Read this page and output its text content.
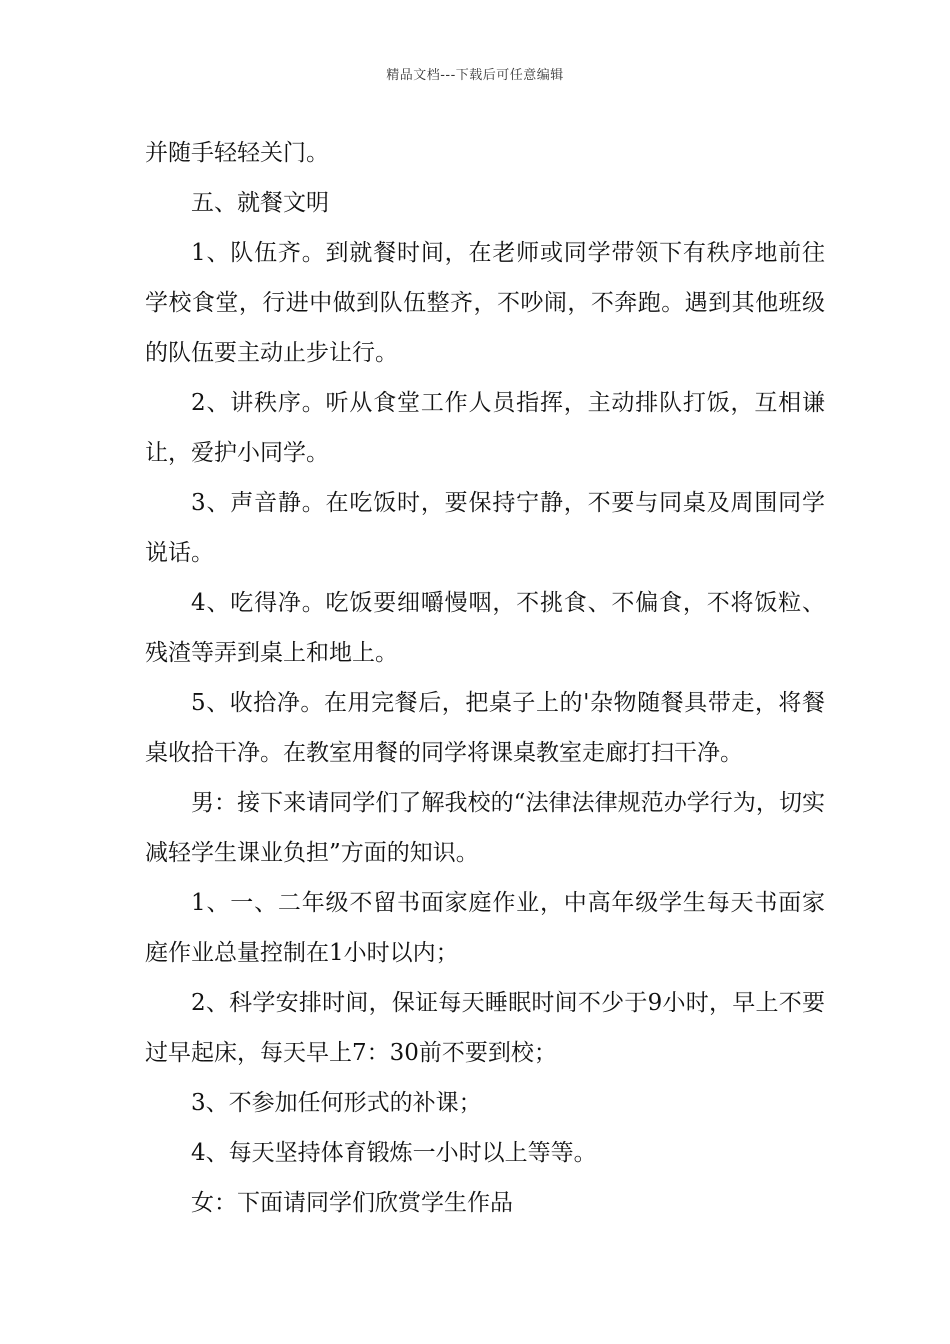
精品文档---下载后可任意编辑

并随手轻轻关门。

五、就餐文明

1、队伍齐。到就餐时间，在老师或同学带领下有秩序地前往学校食堂，行进中做到队伍整齐，不吵闹，不奔跑。遇到其他班级的队伍要主动止步让行。

2、讲秩序。听从食堂工作人员指挥，主动排队打饭，互相谦让，爱护小同学。

3、声音静。在吃饭时，要保持宁静，不要与同桌及周围同学说话。

4、吃得净。吃饭要细嚼慢咽，不挑食、不偏食，不将饭粒、残渣等弄到桌上和地上。

5、收拾净。在用完餐后，把桌子上的'杂物随餐具带走，将餐桌收拾干净。在教室用餐的同学将课桌教室走廊打扫干净。

男：接下来请同学们了解我校的“法律法律规范办学行为，切实减轻学生课业负担”方面的知识。

1、一、二年级不留书面家庭作业，中高年级学生每天书面家庭作业总量控制在1小时以内；

2、科学安排时间，保证每天睡眠时间不少于9小时，早上不要过早起床，每天早上7：30前不要到校；

3、不参加任何形式的补课；

4、每天坚持体育锻炼一小时以上等等。

女：下面请同学们欣赏学生作品
